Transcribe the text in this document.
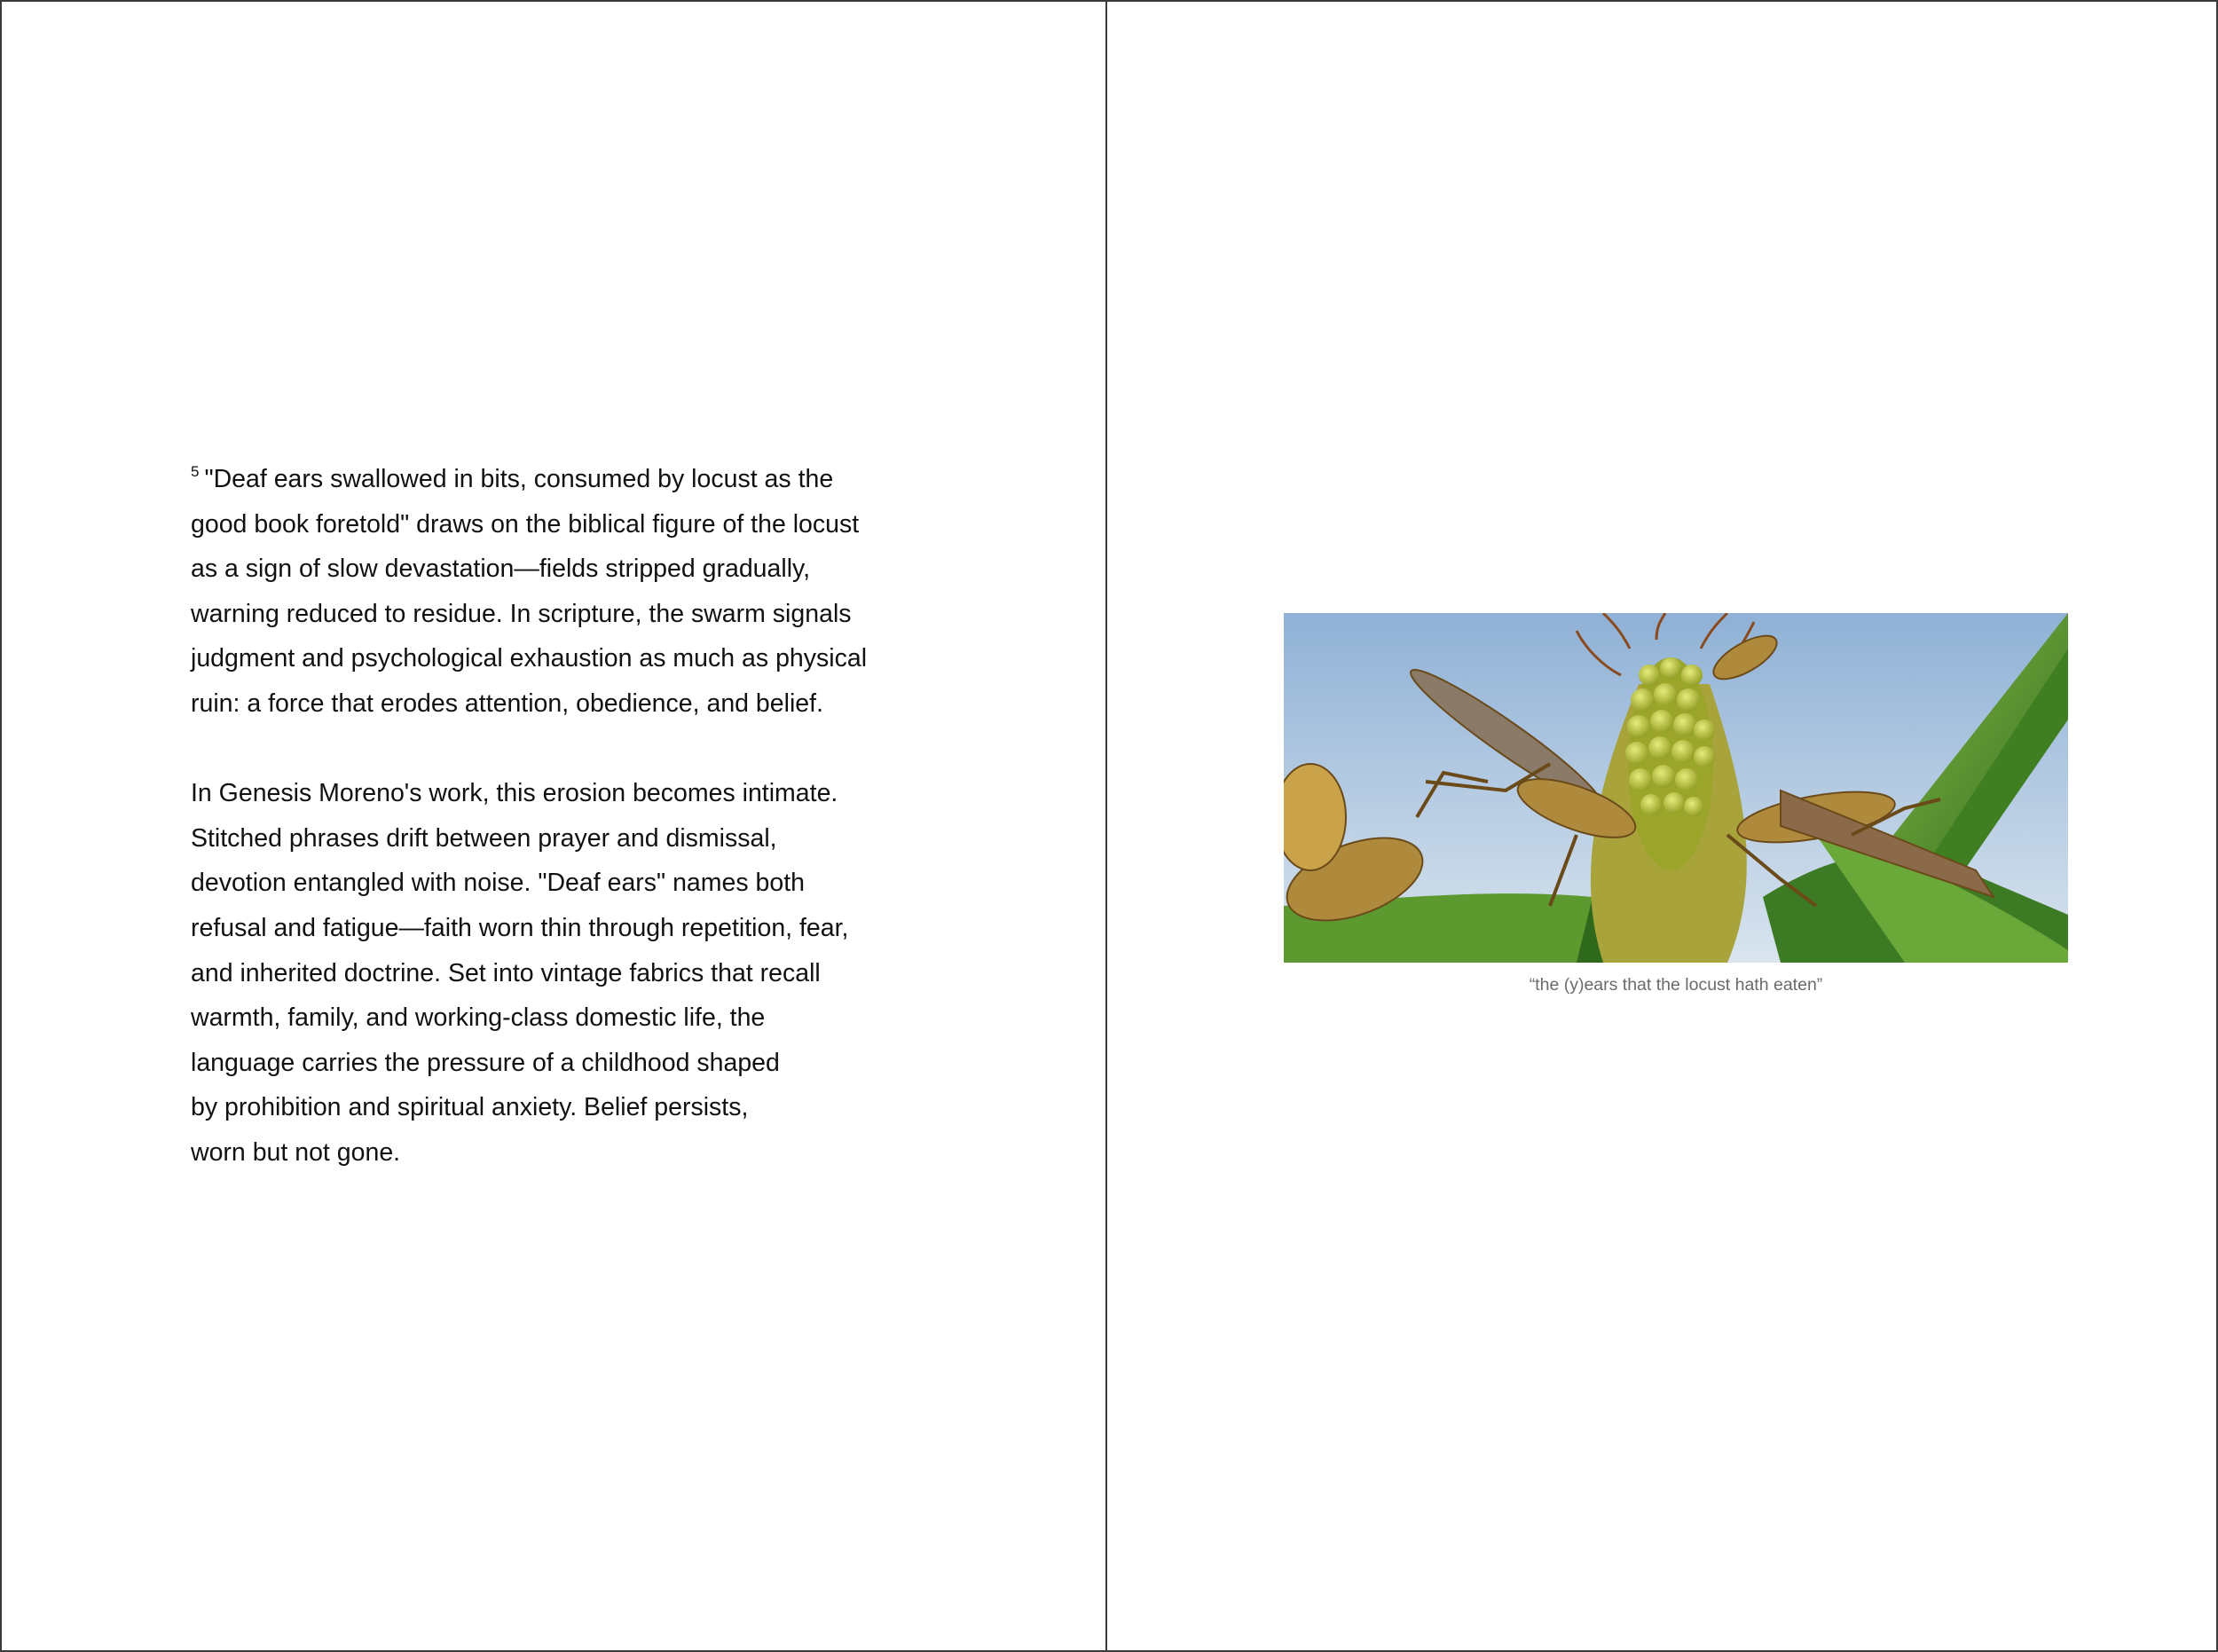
$^5$ "Deaf ears swallowed in bits, consumed by locust as the
good book foretold" draws on the biblical figure of the locust
as a sign of slow devastation—fields stripped gradually,
warning reduced to residue. In scripture, the swarm signals
judgment and psychological exhaustion as much as physical
ruin: a force that erodes attention, obedience, and belief.

In Genesis Moreno's work, this erosion becomes intimate.
Stitched phrases drift between prayer and dismissal,
devotion entangled with noise. "Deaf ears" names both
refusal and fatigue—faith worn thin through repetition, fear,
and inherited doctrine. Set into vintage fabrics that recall
warmth, family, and working-class domestic life, the
language carries the pressure of a childhood shaped
by prohibition and spiritual anxiety. Belief persists,
worn but not gone.

“the (y)ears that the locust hath eaten”
